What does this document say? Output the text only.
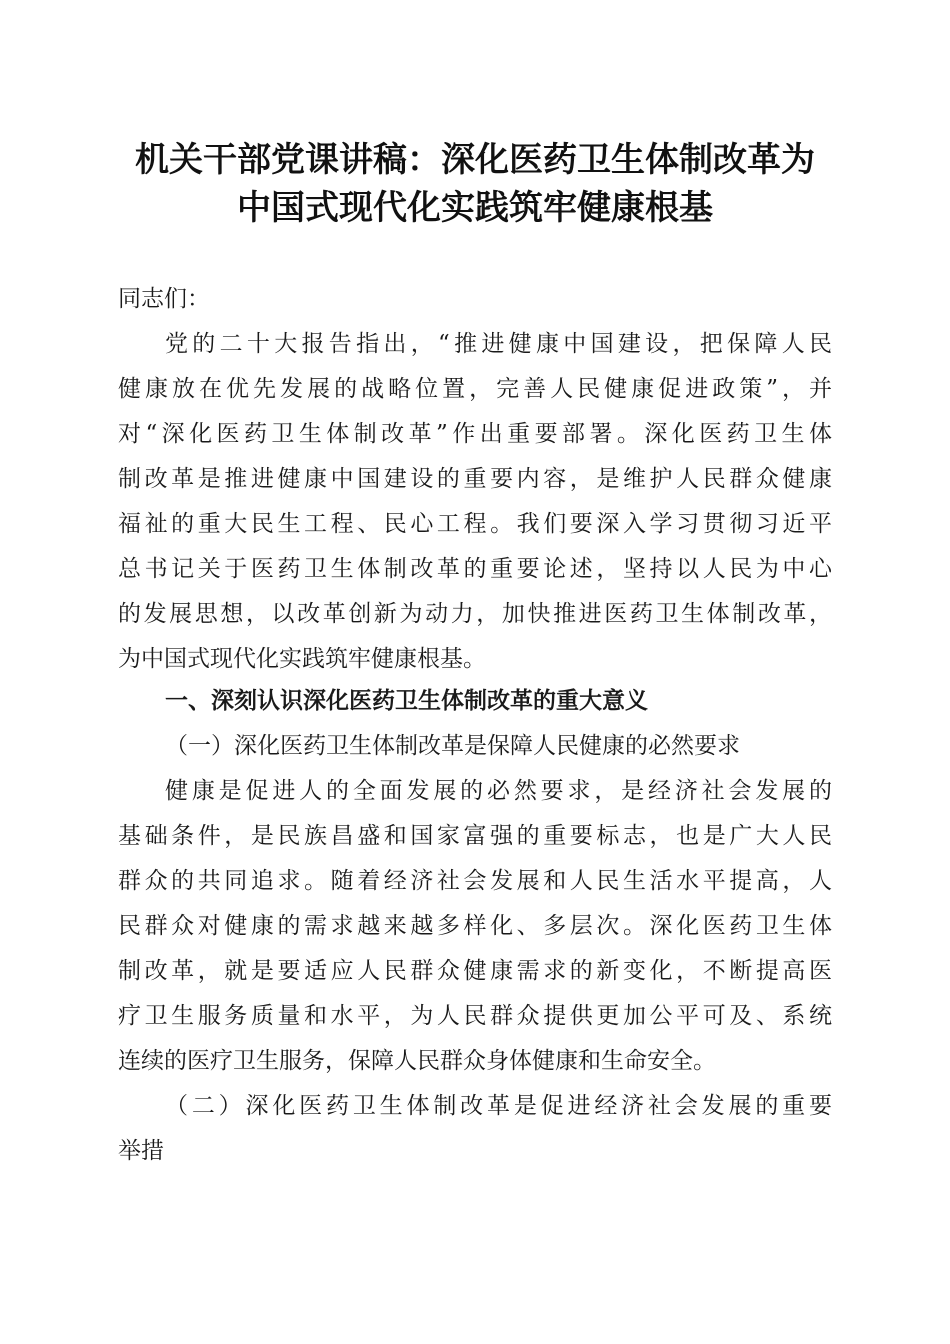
机关干部党课讲稿：深化医药卫生体制改革为
中国式现代化实践筑牢健康根基
同志们：
党的二十大报告指出，“推进健康中国建设，把保障人民
健康放在优先发展的战略位置，完善人民健康促进政策”，并
对“深化医药卫生体制改革”作出重要部署。深化医药卫生体
制改革是推进健康中国建设的重要内容，是维护人民群众健康
福祉的重大民生工程、民心工程。我们要深入学习贯彻习近平
总书记关于医药卫生体制改革的重要论述，坚持以人民为中心
的发展思想，以改革创新为动力，加快推进医药卫生体制改革，
为中国式现代化实践筑牢健康根基。
一、深刻认识深化医药卫生体制改革的重大意义
（一）深化医药卫生体制改革是保障人民健康的必然要求
健康是促进人的全面发展的必然要求，是经济社会发展的
基础条件，是民族昌盛和国家富强的重要标志，也是广大人民
群众的共同追求。随着经济社会发展和人民生活水平提高，人
民群众对健康的需求越来越多样化、多层次。深化医药卫生体
制改革，就是要适应人民群众健康需求的新变化，不断提高医
疗卫生服务质量和水平，为人民群众提供更加公平可及、系统
连续的医疗卫生服务，保障人民群众身体健康和生命安全。
（二）深化医药卫生体制改革是促进经济社会发展的重要
举措
